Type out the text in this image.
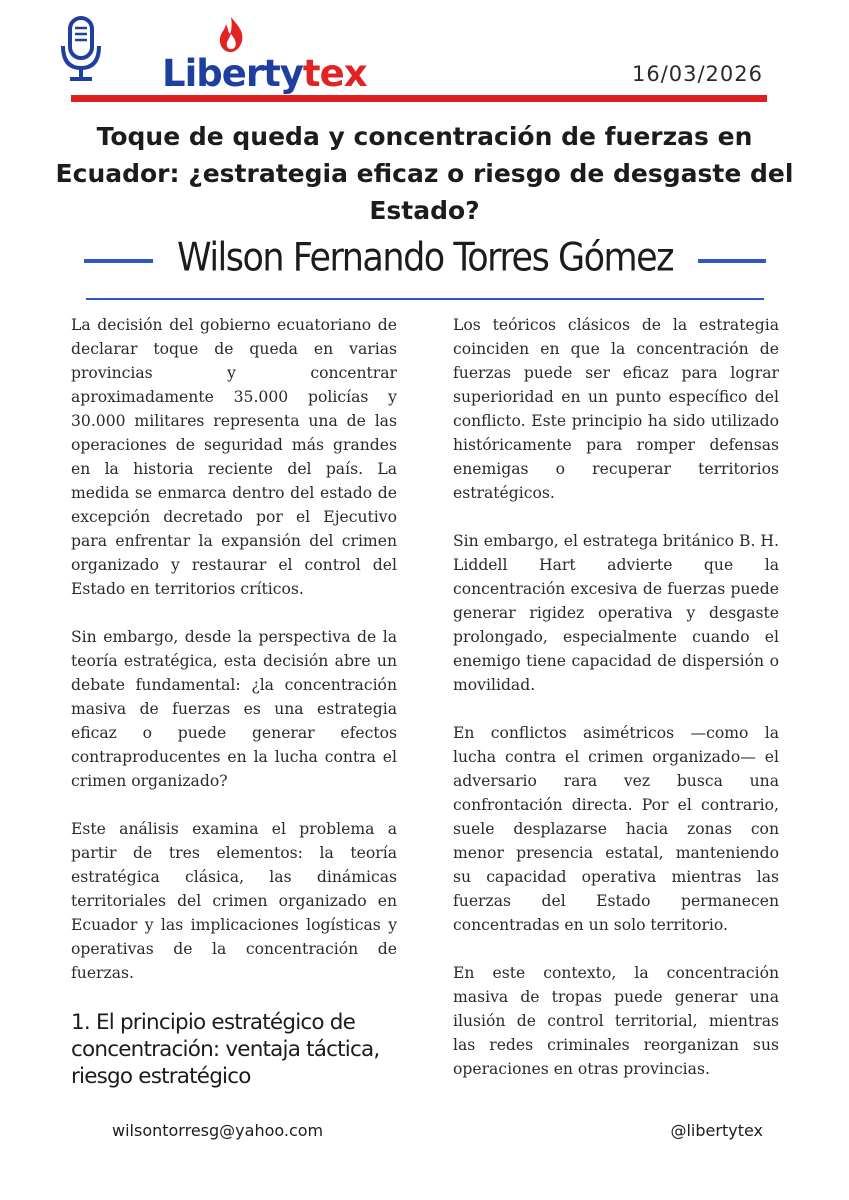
Libertytex	16/03/2026
Toque de queda y concentración de fuerzas en Ecuador: ¿estrategia eficaz o riesgo de desgaste del Estado?
Wilson Fernando Torres Gómez

La decisión del gobierno ecuatoriano de declarar toque de queda en varias provincias y concentrar aproximadamente 35.000 policías y 30.000 militares representa una de las operaciones de seguridad más grandes en la historia reciente del país. La medida se enmarca dentro del estado de excepción decretado por el Ejecutivo para enfrentar la expansión del crimen organizado y restaurar el control del Estado en territorios críticos.

Sin embargo, desde la perspectiva de la teoría estratégica, esta decisión abre un debate fundamental: ¿la concentración masiva de fuerzas es una estrategia eficaz o puede generar efectos contraproducentes en la lucha contra el crimen organizado?

Este análisis examina el problema a partir de tres elementos: la teoría estratégica clásica, las dinámicas territoriales del crimen organizado en Ecuador y las implicaciones logísticas y operativas de la concentración de fuerzas.

1. El principio estratégico de concentración: ventaja táctica, riesgo estratégico

Los teóricos clásicos de la estrategia coinciden en que la concentración de fuerzas puede ser eficaz para lograr superioridad en un punto específico del conflicto. Este principio ha sido utilizado históricamente para romper defensas enemigas o recuperar territorios estratégicos.

Sin embargo, el estratega británico B. H. Liddell Hart advierte que la concentración excesiva de fuerzas puede generar rigidez operativa y desgaste prolongado, especialmente cuando el enemigo tiene capacidad de dispersión o movilidad.

En conflictos asimétricos —como la lucha contra el crimen organizado— el adversario rara vez busca una confrontación directa. Por el contrario, suele desplazarse hacia zonas con menor presencia estatal, manteniendo su capacidad operativa mientras las fuerzas del Estado permanecen concentradas en un solo territorio.

En este contexto, la concentración masiva de tropas puede generar una ilusión de control territorial, mientras las redes criminales reorganizan sus operaciones en otras provincias.

wilsontorresg@yahoo.com	@libertytex
